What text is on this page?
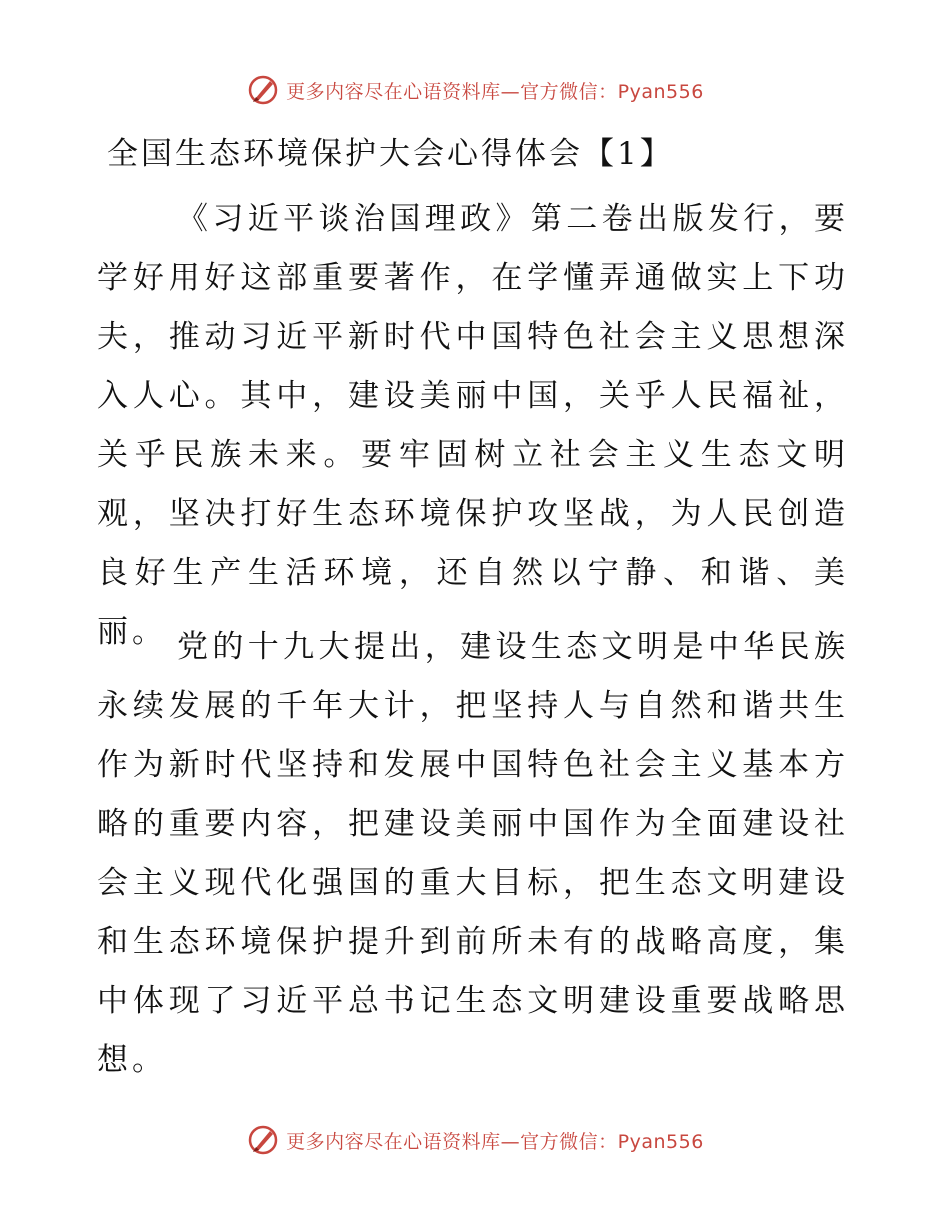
更多内容尽在心语资料库—官方微信：Pyan556
全国生态环境保护大会心得体会【1】

《习近平谈治国理政》第二卷出版发行，要学好用好这部重要著作，在学懂弄通做实上下功夫，推动习近平新时代中国特色社会主义思想深入人心。其中，建设美丽中国，关乎人民福祉，关乎民族未来。要牢固树立社会主义生态文明观，坚决打好生态环境保护攻坚战，为人民创造良好生产生活环境，还自然以宁静、和谐、美丽。 党的十九大提出，建设生态文明是中华民族永续发展的千年大计，把坚持人与自然和谐共生作为新时代坚持和发展中国特色社会主义基本方略的重要内容，把建设美丽中国作为全面建设社会主义现代化强国的重大目标，把生态文明建设和生态环境保护提升到前所未有的战略高度，集中体现了习近平总书记生态文明建设重要战略思想。

更多内容尽在心语资料库—官方微信：Pyan556
